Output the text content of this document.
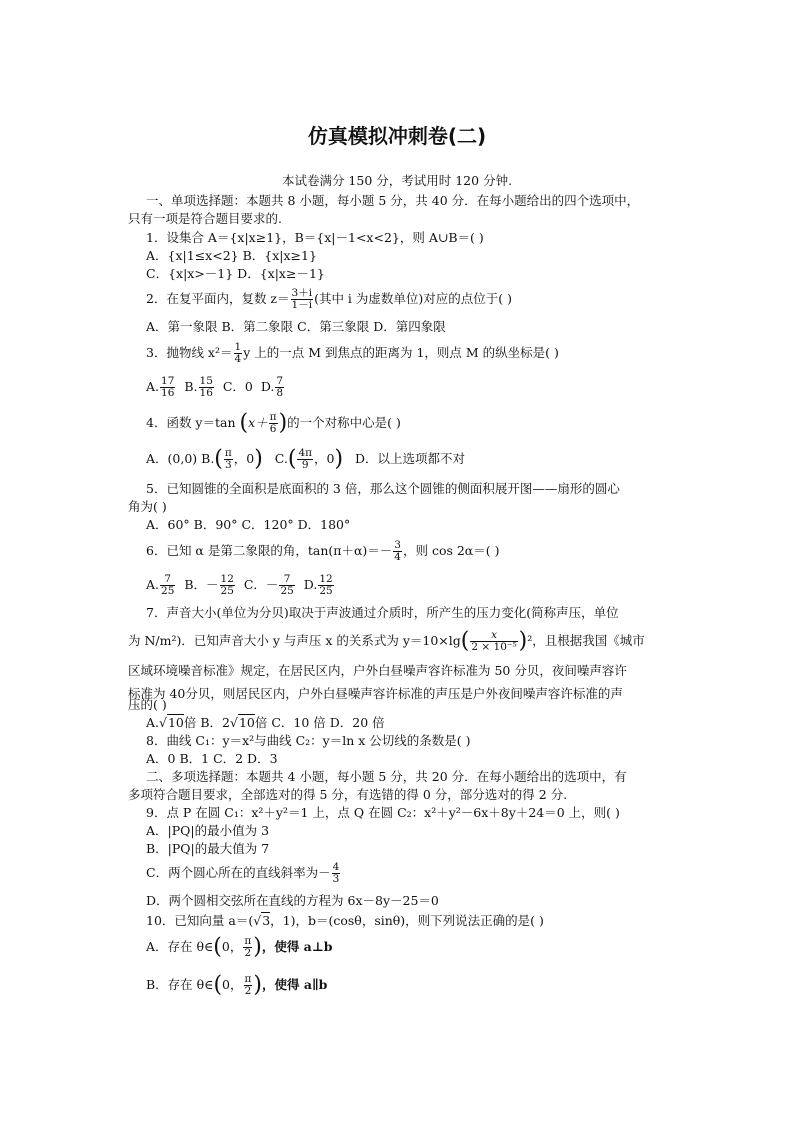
仿真模拟冲刺卷(二)
本试卷满分 150 分，考试用时 120 分钟.
一、单项选择题：本题共 8 小题，每小题 5 分，共 40 分．在每小题给出的四个选项中，
只有一项是符合题目要求的.
1．设集合 A＝{x|x≥1}，B＝{x|－1<x<2}，则 A∪B＝( )
A．{x|1≤x<2} B．{x|x≥1}
C．{x|x>－1} D．{x|x≥－1}
2．在复平面内，复数 $z= \frac{3+i}{1-i}$ (其中 i 为虚数单位)对应的点位于( )
A．第一象限 B．第二象限 C．第三象限 D．第四象限
3．抛物线 $x^2= \frac{1}{4}$ y 上的一点 M 到焦点的距离为 1，则点 M 的纵坐标是( )
A. $\frac{17}{16} B$. $\frac{15}{16}$ C．0 D. $\frac{7}{8}$
4．函数 y＝tan ($x+ \frac{\pi}{6}$ )的一个对称中心是( )
A．(0,0) $B.( \frac{\pi}{3}$ ，0) $C.( \frac{4\pi}{9}$ ，0) D．以上选项都不对
5．已知圆锥的全面积是底面积的 3 倍，那么这个圆锥的侧面积展开图——扇形的圆心
角为( )
A．60° B．90° C．120° D．180°
6．已知 α 是第二象限的角，$\tan(\pi+\alpha)=- \frac{3}{4}$ ，则 cos 2α＝( )
A. $\frac{7}{25}$ B．－ $\frac{12}{25}$ C．－ $\frac{7}{25} D$. $\frac{12}{25}$
7．声音大小(单位为分贝)取决于声波通过介质时，所产生的压力变化(简称声压，单位
为 N/m²)．已知声音大小 y 与声压 x 的关系式为 $y=10\times\lg( \frac{x}{\text{2 × 10⁻⁵}} )^2$，且根据我国《城市
区域环境噪音标准》规定，在居民区内，户外白昼噪声容许标准为 50 分贝，夜间噪声容许
标准为 40分贝，则居民区内，户外白昼噪声容许标准的声压是户外夜间噪声容许标准的声
压的( )
A.√10倍 B．2√10倍 C．10 倍 D．20 倍
8．曲线 C₁：y＝x²与曲线 C₂：y＝ln x 公切线的条数是( )
A．0 B．1 C．2 D．3
二、多项选择题：本题共 4 小题，每小题 5 分，共 20 分．在每小题给出的选项中，有
多项符合题目要求，全部选对的得 5 分，有选错的得 0 分，部分选对的得 2 分.
9．点 P 在圆 C₁：x²＋y²＝1 上，点 Q 在圆 C₂：x²＋y²－6x＋8y＋24＝0 上，则( )
A．|PQ|的最小值为 3
B．|PQ|的最大值为 7
C．两个圆心所在的直线斜率为－ $\frac{4}{3}$
D．两个圆相交弦所在直线的方程为 6x－8y－25＝0
10．已知向量 a＝(√3，1)，b＝(cosθ，sinθ)，则下列说法正确的是( )
A．存在 θ∈(0， $\frac{\pi}{2}$ )，使得 a⊥b
B．存在 θ∈(0， $\frac{\pi}{2}$ )，使得 a∥b
